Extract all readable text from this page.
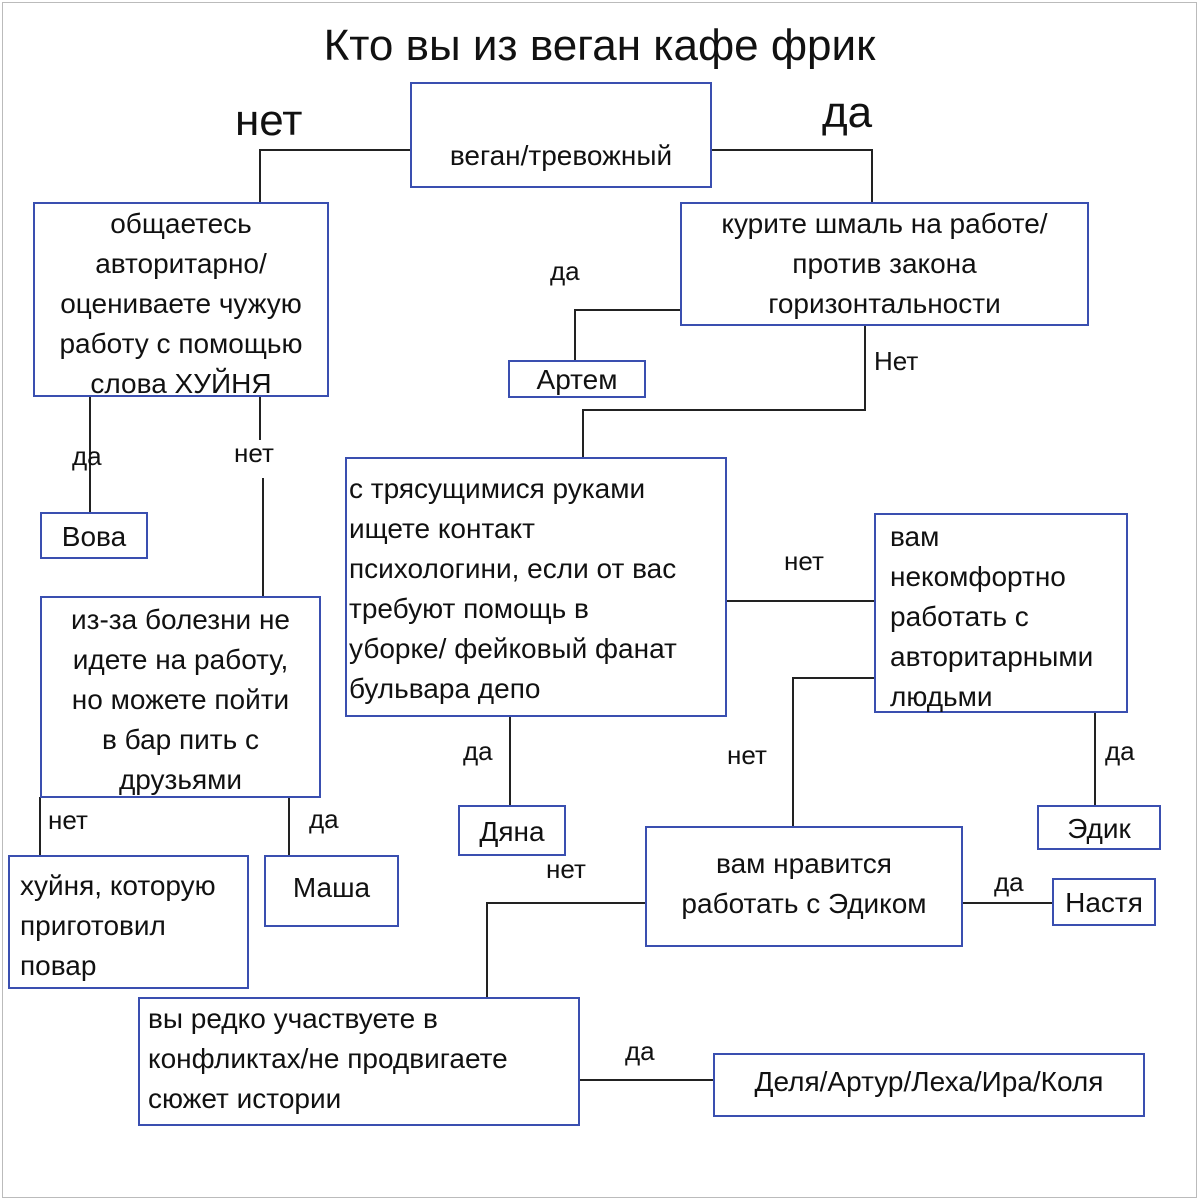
Кто вы из веган кафе фрик
веган/тревожный
общаетесь
авторитарно/
оцениваете чужую
работу с помощью
слова ХУЙНЯ
курите шмаль на работе/
против закона
горизонтальности
Артем
Вова
с трясущимися руками
ищете контакт
психологини, если от вас
требуют помощь в
уборке/ фейковый фанат
бульвара депо
из-за болезни не
идете на работу,
но можете пойти
в бар пить с
друзьями
вам
некомфортно
работать с
авторитарными
людьми
Дяна	Эдик
Маша
хуйня, которую
приготовил
повар
вам нравится
работать с Эдиком	Настя
вы редко участвуете в
конфликтах/не продвигаете
сюжет истории
Деля/Артур/Леха/Ира/Коля
нет	да
да
Нет
да	нет
нет
да	нет	да
нет	да
нет	да
да
